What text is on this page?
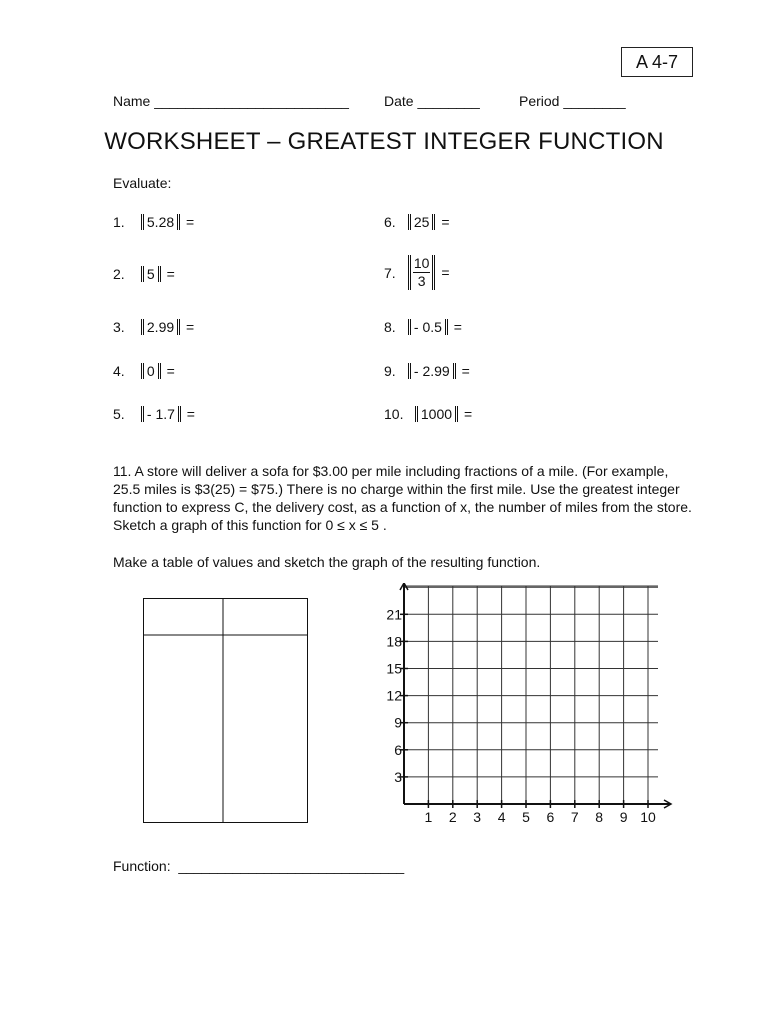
A 4-7
Name _________________________	Date ________	Period ________
WORKSHEET – GREATEST INTEGER FUNCTION
Evaluate:
1. 5.28 =
2. 5 =
3. 2.99 =
4. 0 =
5. - 1.7 =
6. 25 =
7. $\frac{10}{3}$ =
8. - 0.5 =
9. - 2.99 =
10. 1000 =
11. A store will deliver a sofa for $3.00 per mile including fractions of a mile. (For example, 25.5 miles is $3(25) = $75.) There is no charge within the first mile. Use the greatest integer function to express C, the delivery cost, as a function of x, the number of miles from the store. Sketch a graph of this function for 0 ≤ x ≤ 5 .
Make a table of values and sketch the graph of the resulting function.
21
18
15
12
9
6
3
1 2 3 4 5 6 7 8 9 10
Function:  _____________________________
